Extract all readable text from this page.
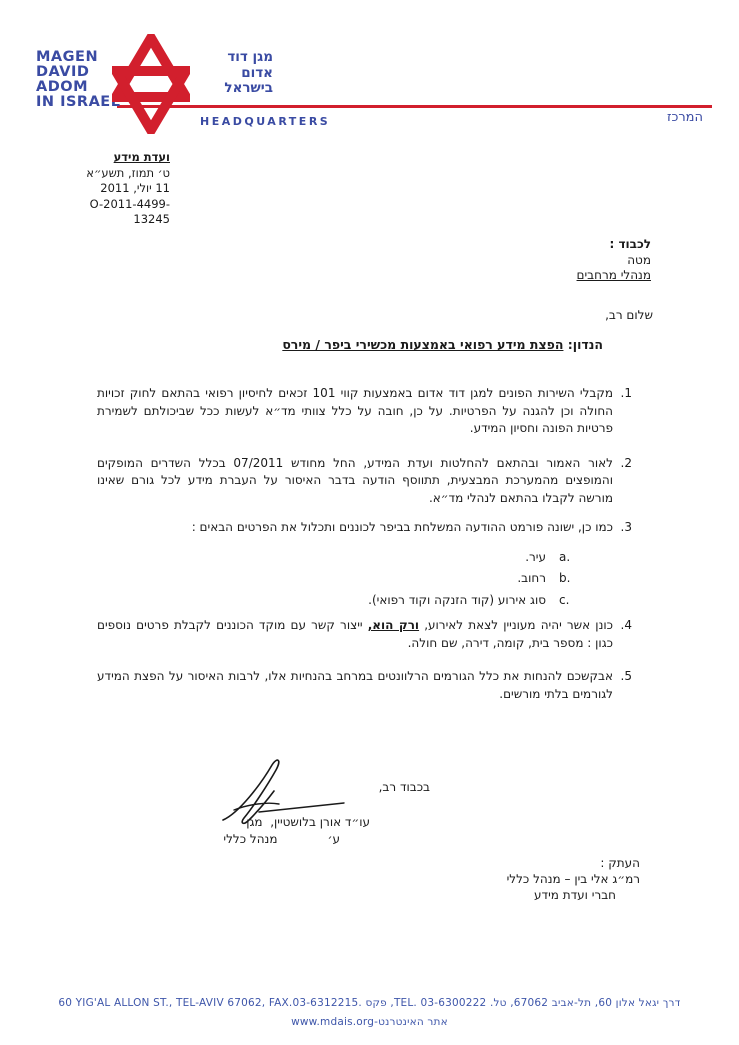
MAGEN
DAVID
ADOM
IN ISRAEL
מגן דוד
אדום
בישראל
HEADQUARTERS	המרכז
ועדת מידע
ט׳ תמוז, תשע״א
11 יולי, 2011
O-2011-4499-13245
לכבוד :
מטה
מנהלי מרחבים
שלום רב,
הנדון: הפצת מידע רפואי באמצעות מכשירי ביפר / מירס
1.
מקבלי השירות הפונים למגן דוד אדום באמצעות קווי 101 זכאים לחיסיון רפואי בהתאם לחוק זכויות החולה וכן להגנה על הפרטיות. על כן, חובה על כלל צוותי מד״א לעשות ככל שביכולתם לשמירת פרטיות הפונה וחסיון המידע.
2.
לאור האמור ובהתאם להחלטות ועדת המידע, החל מחודש 07/2011 בכלל השדרים המופקים והמופצים מהמערכת המבצעית, תתווסף הודעה בדבר האיסור על העברת מידע לכל גורם שאינו מורשה לקבלו בהתאם לנהלי מד״א.
3.
כמו כן, ישונה פורמט ההודעה המשלחת בביפר לכוננים ותכלול את הפרטים הבאים :
a.
עיר.
b.
רחוב.
c.
סוג אירוע (קוד הזנקה וקוד רפואי).
4.
כונן אשר יהיה מעוניין לצאת לאירוע, ורק הוא, ייצור קשר עם מוקד הכוננים לקבלת פרטים נוספים כגון : מספר בית, קומה, דירה, שם חולה.
5.
אבקשכם להנחות את כלל הגורמים הרלוונטים במרחב בהנחיות אלו, לרבות האיסור על הפצת המידע לגורמים בלתי מורשים.
בכבוד רב,
עו״ד אורן בלושטיין,  מגן
ע׳מנהל כללי
העתק :
רמ״ג אלי בין – מנהל כללי
חברי ועדת מידע
60 YIG'AL ALLON ST., TEL-AVIV 67062, FAX.03-6312215. דרך יגאל אלון 60, תל-אביב 67062, טל. TEL. 03-6300222, פקס
אתר האינטרנט-www.mdais.org
